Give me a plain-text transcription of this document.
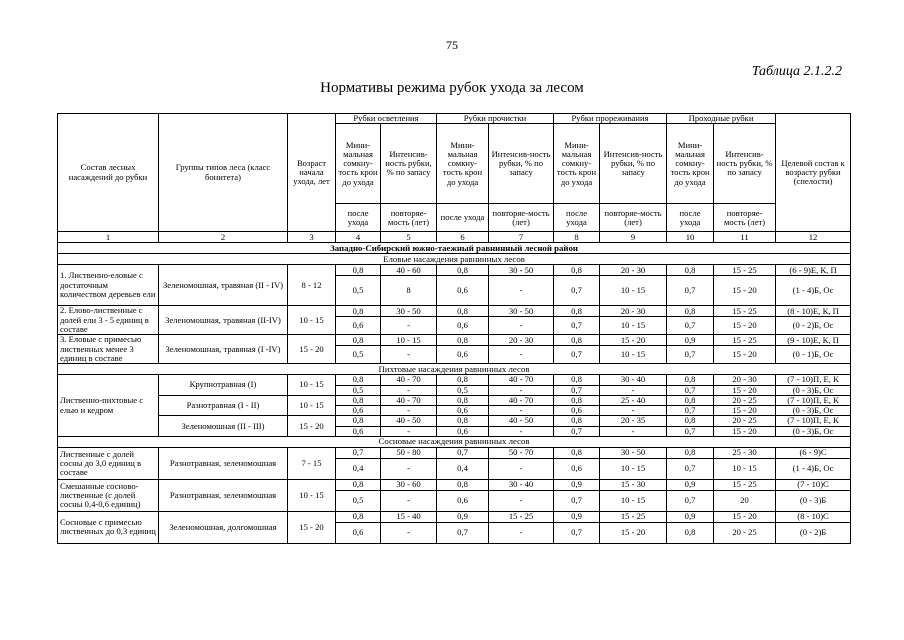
75
Таблица 2.1.2.2
Нормативы режима рубок ухода за лесом
Состав лесных насаждений до рубки	Группы типов леса (класс бонитета)	Возраст начала ухода, лет	Рубки осветления		Рубки прочистки		Рубки прореживания		Проходные рубки		Целевой состав к возрасту рубки (спелости)
			Мини-мальная сомкну-тость крон до ухода	Интенсив-ность рубки, % по запасу	Мини-мальная сомкну-тость крон до ухода	Интенсив-ность рубки, % по запасу	Мини-мальная сомкну-тость крон до ухода	Интенсив-ность рубки, % по запасу	Мини-мальная сомкну-тость крон до ухода	Интенсив-ность рубки, % по запасу	
			после ухода	повторяе-мость (лет)	после ухода	повторяе-мость (лет)	после ухода	повторяе-мость (лет)	после ухода	повторяе-мость (лет)	
1	2	3	4	5	6	7	8	9	10	11	12
Западно-Сибирский южно-таежный равнинный лесной район											
Еловые насаждения равнинных лесов											
1. Лиственно-еловые с достаточным количеством деревьев ели	Зеленомошная, травяная (II - IV)	8 - 12	0,8	40 - 60	0,8	30 - 50	0,8	20 - 30	0,8	15 - 25	(6 - 9)Е, К, П
			0,5	8	0,6	-	0,7	10 - 15	0,7	15 - 20	(1 - 4)Б, Ос
2. Елово-лиственные с долей ели 3 - 5 единиц в составе	Зеленомошная, травяная (II-IV)	10 - 15	0,8	30 - 50	0,8	30 - 50	0,8	20 - 30	0,8	15 - 25	(8 - 10)Е, К, П
			0,6	-	0,6	-	0,7	10 - 15	0,7	15 - 20	(0 - 2)Б, Ос
3. Еловые с примесью лиственных менее 3 единиц в составе	Зеленомошная, травяная (I -IV)	15 - 20	0,8	10 - 15	0,8	20 - 30	0,8	15 - 20	0,9	15 - 25	(9 - 10)Е, К, П
			0,5	-	0,6	-	0,7	10 - 15	0,7	15 - 20	(0 - 1)Б, Ос
Пихтовые насаждения равнинных лесов											
Лиственно-пихтовые с елью и кедром	Крупнотравная (I)	10 - 15	0,8	40 - 70	0,8	40 - 70	0,8	30 - 40	0,8	20 - 30	(7 - 10)П, Е, К
			0,5	-	0,5	-	0,7	-	0,7	15 - 20	(0 - 3)Б, Ос
	Разнотравная (I - II)	10 - 15	0,8	40 - 70	0,8	40 - 70	0,8	25 - 40	0,8	20 - 25	(7 - 10)П, Е, К
			0,6	-	0,6	-	0,6	-	0,7	15 - 20	(0 - 3)Б, Ос
	Зеленомошная (II - III)	15 - 20	0,8	40 - 50	0,8	40 - 50	0,8	20 - 35	0,8	20 - 25	(7 - 10)П, Е, К
			0,6	-	0,6	-	0,7	-	0,7	15 - 20	(0 - 3)Б, Ос
Сосновые насаждения равнинных лесов											
Лиственные с долей сосны до 3,0 единиц в составе	Разнотравная, зеленомошная	7 - 15	0,7	50 - 80	0,7	50 - 70	0,8	30 - 50	0,8	25 - 30	(6 - 9)С
			0,4	-	0,4	-	0,6	10 - 15	0,7	10 - 15	(1 - 4)Б, Ос
Смешанные сосново-лиственные (с долей сосны 0,4-0,6 единиц)	Разнотравная, зеленомошная	10 - 15	0,8	30 - 60	0,8	30 - 40	0,9	15 - 30	0,9	15 - 25	(7 - 10)С
			0,5	-	0,6	-	0,7	10 - 15	0,7	20	(0 - 3)Б
Сосновые с примесью лиственных до 0,3 единиц	Зеленомошная, долгомошная	15 - 20	0,8	15 - 40	0,9	15 - 25	0,9	15 - 25	0,9	15 - 20	(8 - 10)С
			0,6	-	0,7	-	0,7	15 - 20	0,8	20 - 25	(0 - 2)Б
